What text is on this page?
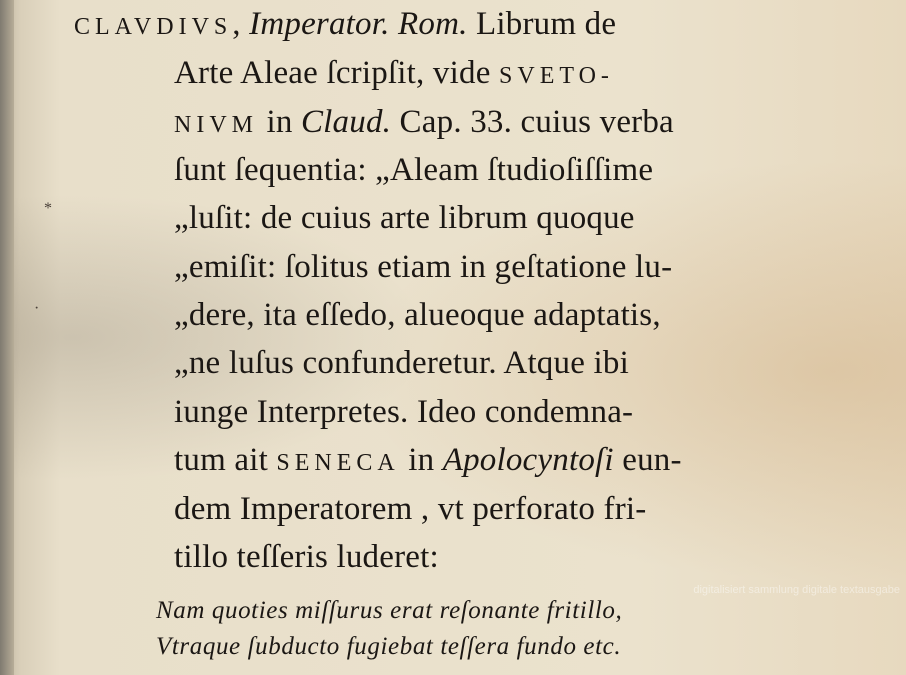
CLAVDIVS, Imperator. Rom. Librum de
Arte Aleae ſcripſit, vide SVETO-
NIVM in Claud. Cap. 33. cuius verba
ſunt ſequentia: „Aleam ſtudioſiſſime
„luſit: de cuius arte librum quoque
„emiſit: ſolitus etiam in geſtatione lu-
„dere, ita eſſedo, alueoque adaptatis,
„ne luſus confunderetur. Atque ibi
iunge Interpretes. Ideo condemna-
tum ait SENECA in Apolocyntoſi eun-
dem Imperatorem , vt perforato fri-
tillo teſſeris luderet:
Nam quoties miſſurus erat reſonante fritillo,
Vtraque ſubducto fugiebat teſſera fundo etc.
digitalisiert sammlung digitale textausgabe
*
·
